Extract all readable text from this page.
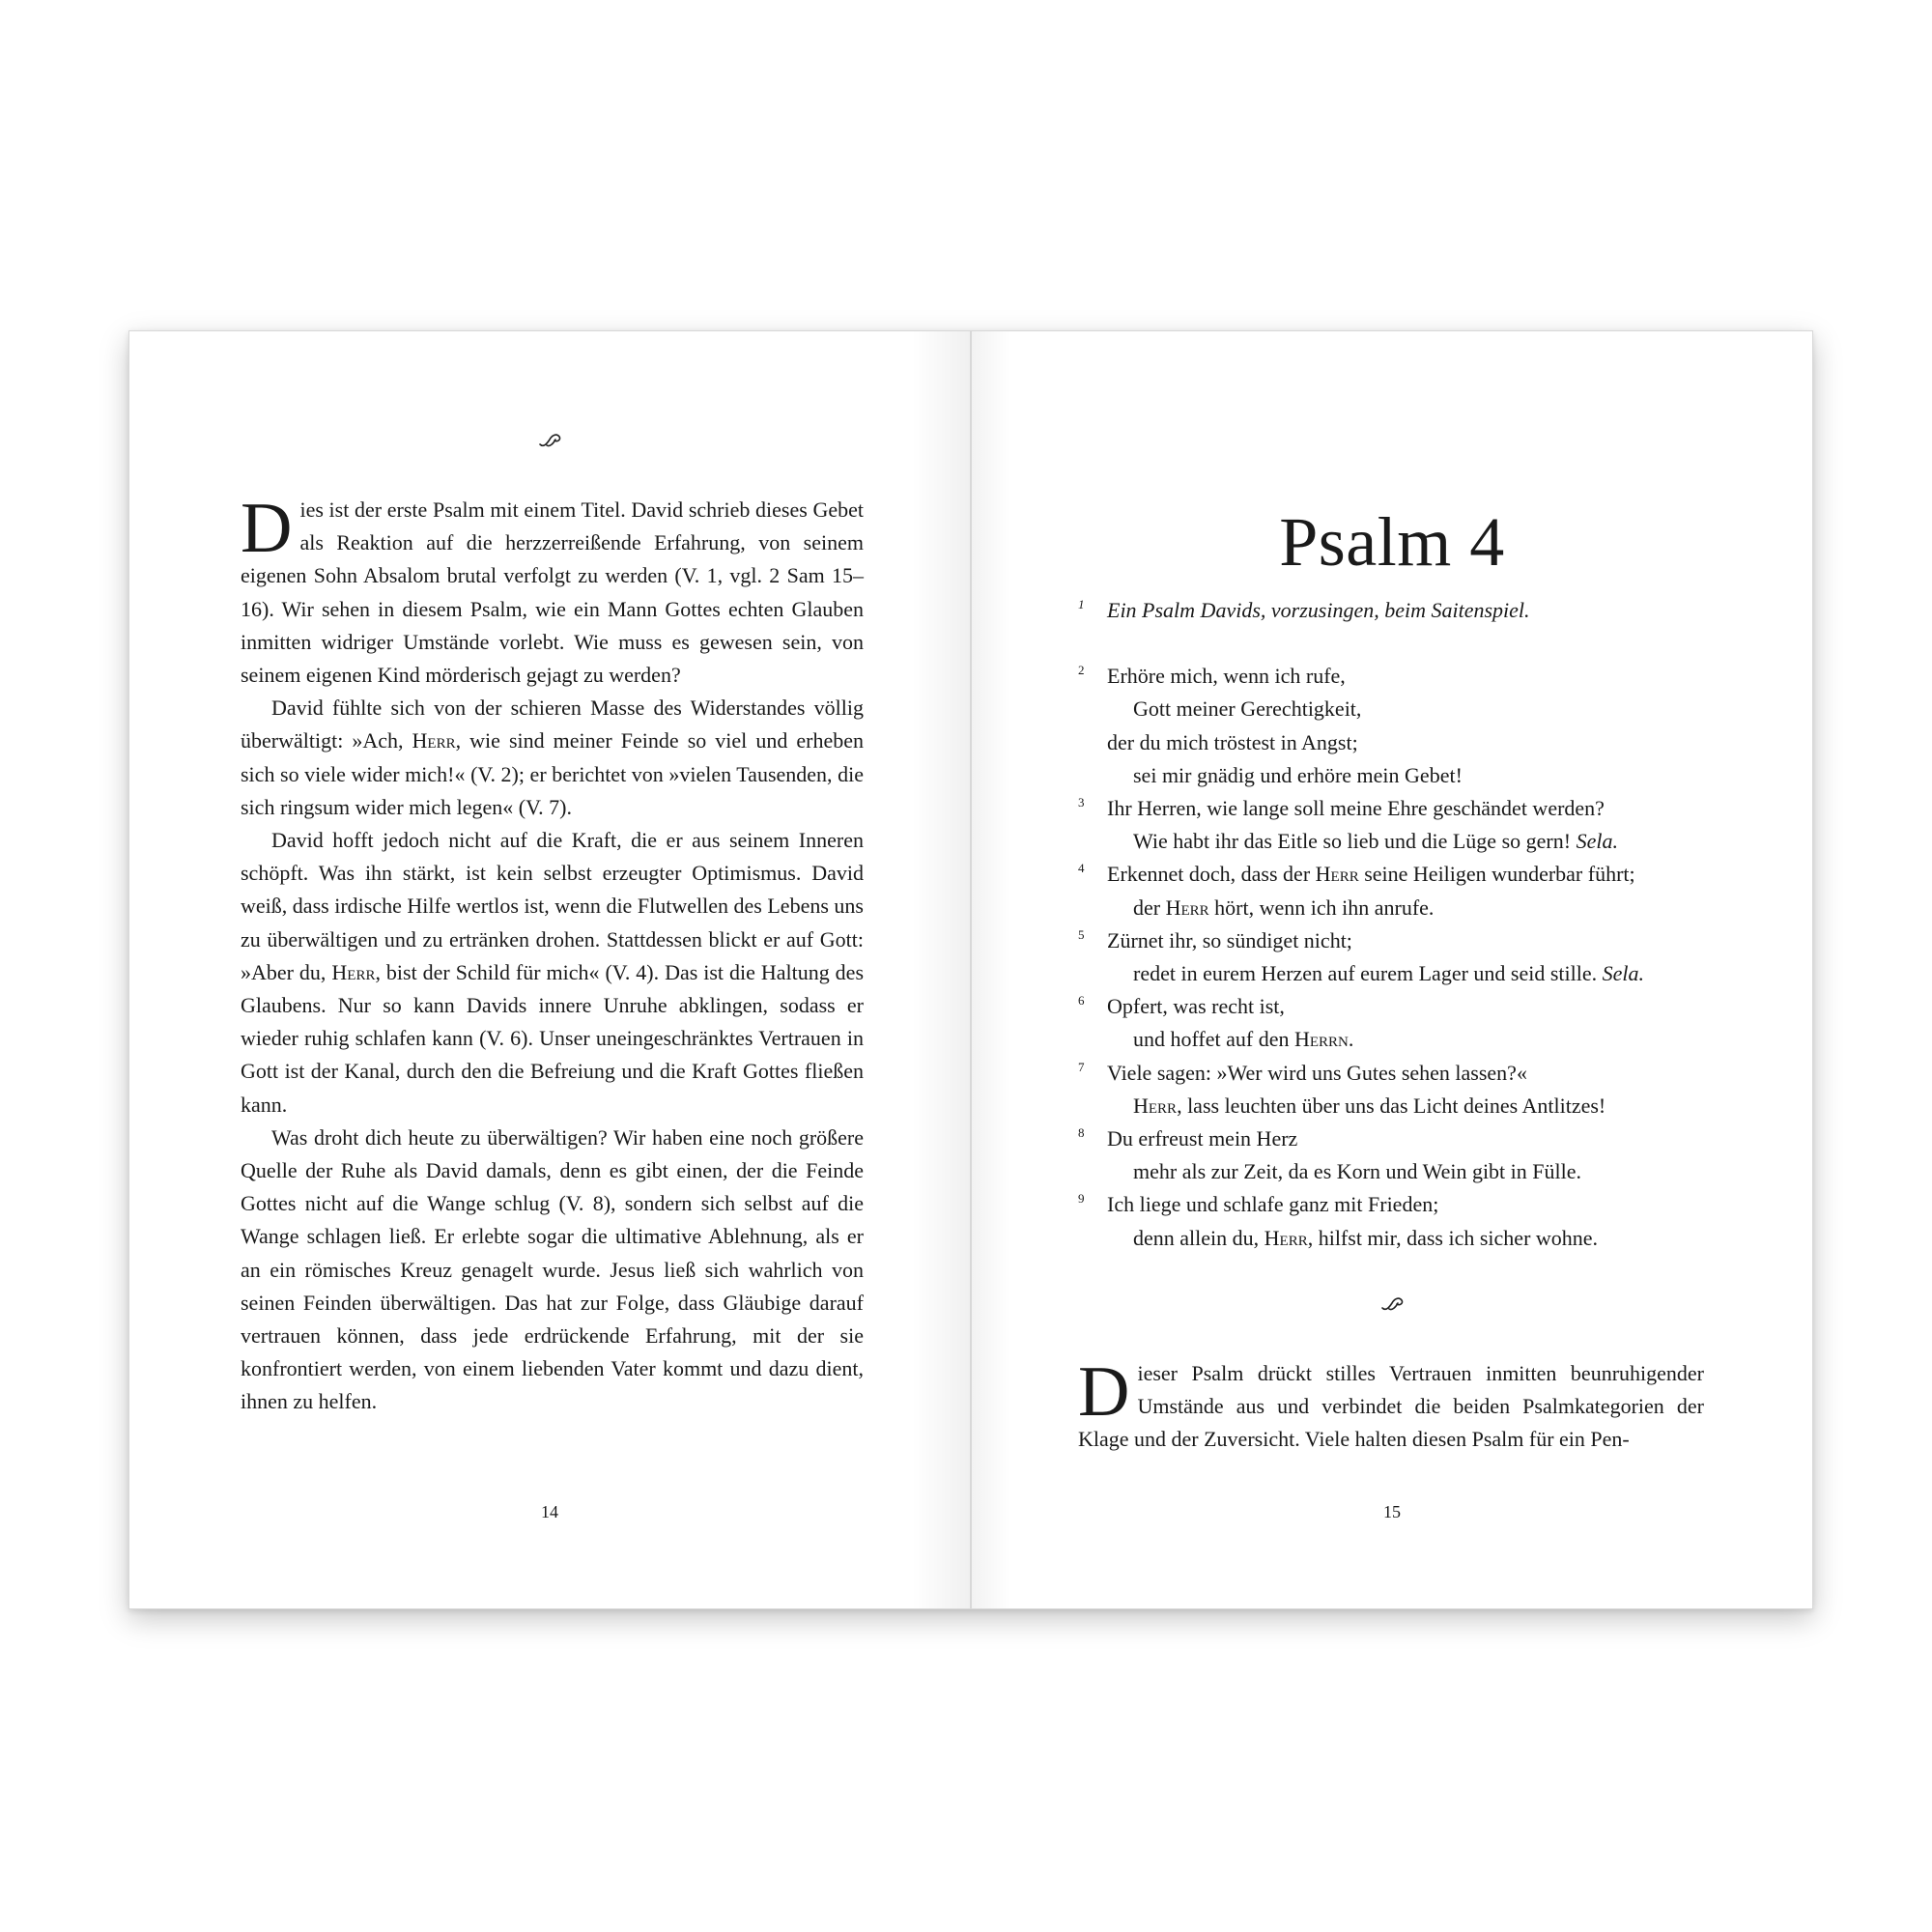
Dies ist der erste Psalm mit einem Titel. David schrieb dieses Gebet als Reaktion auf die herzzerreißende Erfahrung, von seinem eigenen Sohn Absalom brutal verfolgt zu werden (V. 1, vgl. 2 Sam 15–16). Wir sehen in diesem Psalm, wie ein Mann Gottes echten Glauben inmitten widriger Umstände vorlebt. Wie muss es gewesen sein, von seinem eigenen Kind mörderisch gejagt zu werden?

David fühlte sich von der schieren Masse des Widerstandes völlig überwältigt: »Ach, Herr, wie sind meiner Feinde so viel und erheben sich so viele wider mich!« (V. 2); er berichtet von »vielen Tausenden, die sich ringsum wider mich legen« (V. 7).

David hofft jedoch nicht auf die Kraft, die er aus seinem Inneren schöpft. Was ihn stärkt, ist kein selbst erzeugter Optimismus. David weiß, dass irdische Hilfe wertlos ist, wenn die Flutwellen des Lebens uns zu überwältigen und zu ertränken drohen. Stattdessen blickt er auf Gott: »Aber du, Herr, bist der Schild für mich« (V. 4). Das ist die Haltung des Glaubens. Nur so kann Davids innere Unruhe abklingen, sodass er wieder ruhig schlafen kann (V. 6). Unser uneingeschränktes Vertrauen in Gott ist der Kanal, durch den die Befreiung und die Kraft Gottes fließen kann.

Was droht dich heute zu überwältigen? Wir haben eine noch größere Quelle der Ruhe als David damals, denn es gibt einen, der die Feinde Gottes nicht auf die Wange schlug (V. 8), sondern sich selbst auf die Wange schlagen ließ. Er erlebte sogar die ultimative Ablehnung, als er an ein römisches Kreuz genagelt wurde. Jesus ließ sich wahrlich von seinen Feinden überwältigen. Das hat zur Folge, dass Gläubige darauf vertrauen können, dass jede erdrückende Erfahrung, mit der sie konfrontiert werden, von einem liebenden Vater kommt und dazu dient, ihnen zu helfen.

14
Psalm 4
1 Ein Psalm Davids, vorzusingen, beim Saitenspiel.
2 Erhöre mich, wenn ich rufe,
Gott meiner Gerechtigkeit,
der du mich tröstest in Angst;
sei mir gnädig und erhöre mein Gebet!
3 Ihr Herren, wie lange soll meine Ehre geschändet werden?
Wie habt ihr das Eitle so lieb und die Lüge so gern! Sela.
4 Erkennet doch, dass der Herr seine Heiligen wunderbar führt;
der Herr hört, wenn ich ihn anrufe.
5 Zürnet ihr, so sündiget nicht;
redet in eurem Herzen auf eurem Lager und seid stille. Sela.
6 Opfert, was recht ist,
und hoffet auf den Herrn.
7 Viele sagen: »Wer wird uns Gutes sehen lassen?«
Herr, lass leuchten über uns das Licht deines Antlitzes!
8 Du erfreust mein Herz
mehr als zur Zeit, da es Korn und Wein gibt in Fülle.
9 Ich liege und schlafe ganz mit Frieden;
denn allein du, Herr, hilfst mir, dass ich sicher wohne.

Dieser Psalm drückt stilles Vertrauen inmitten beunruhigender Umstände aus und verbindet die beiden Psalmkategorien der Klage und der Zuversicht. Viele halten diesen Psalm für ein Pen-

15
